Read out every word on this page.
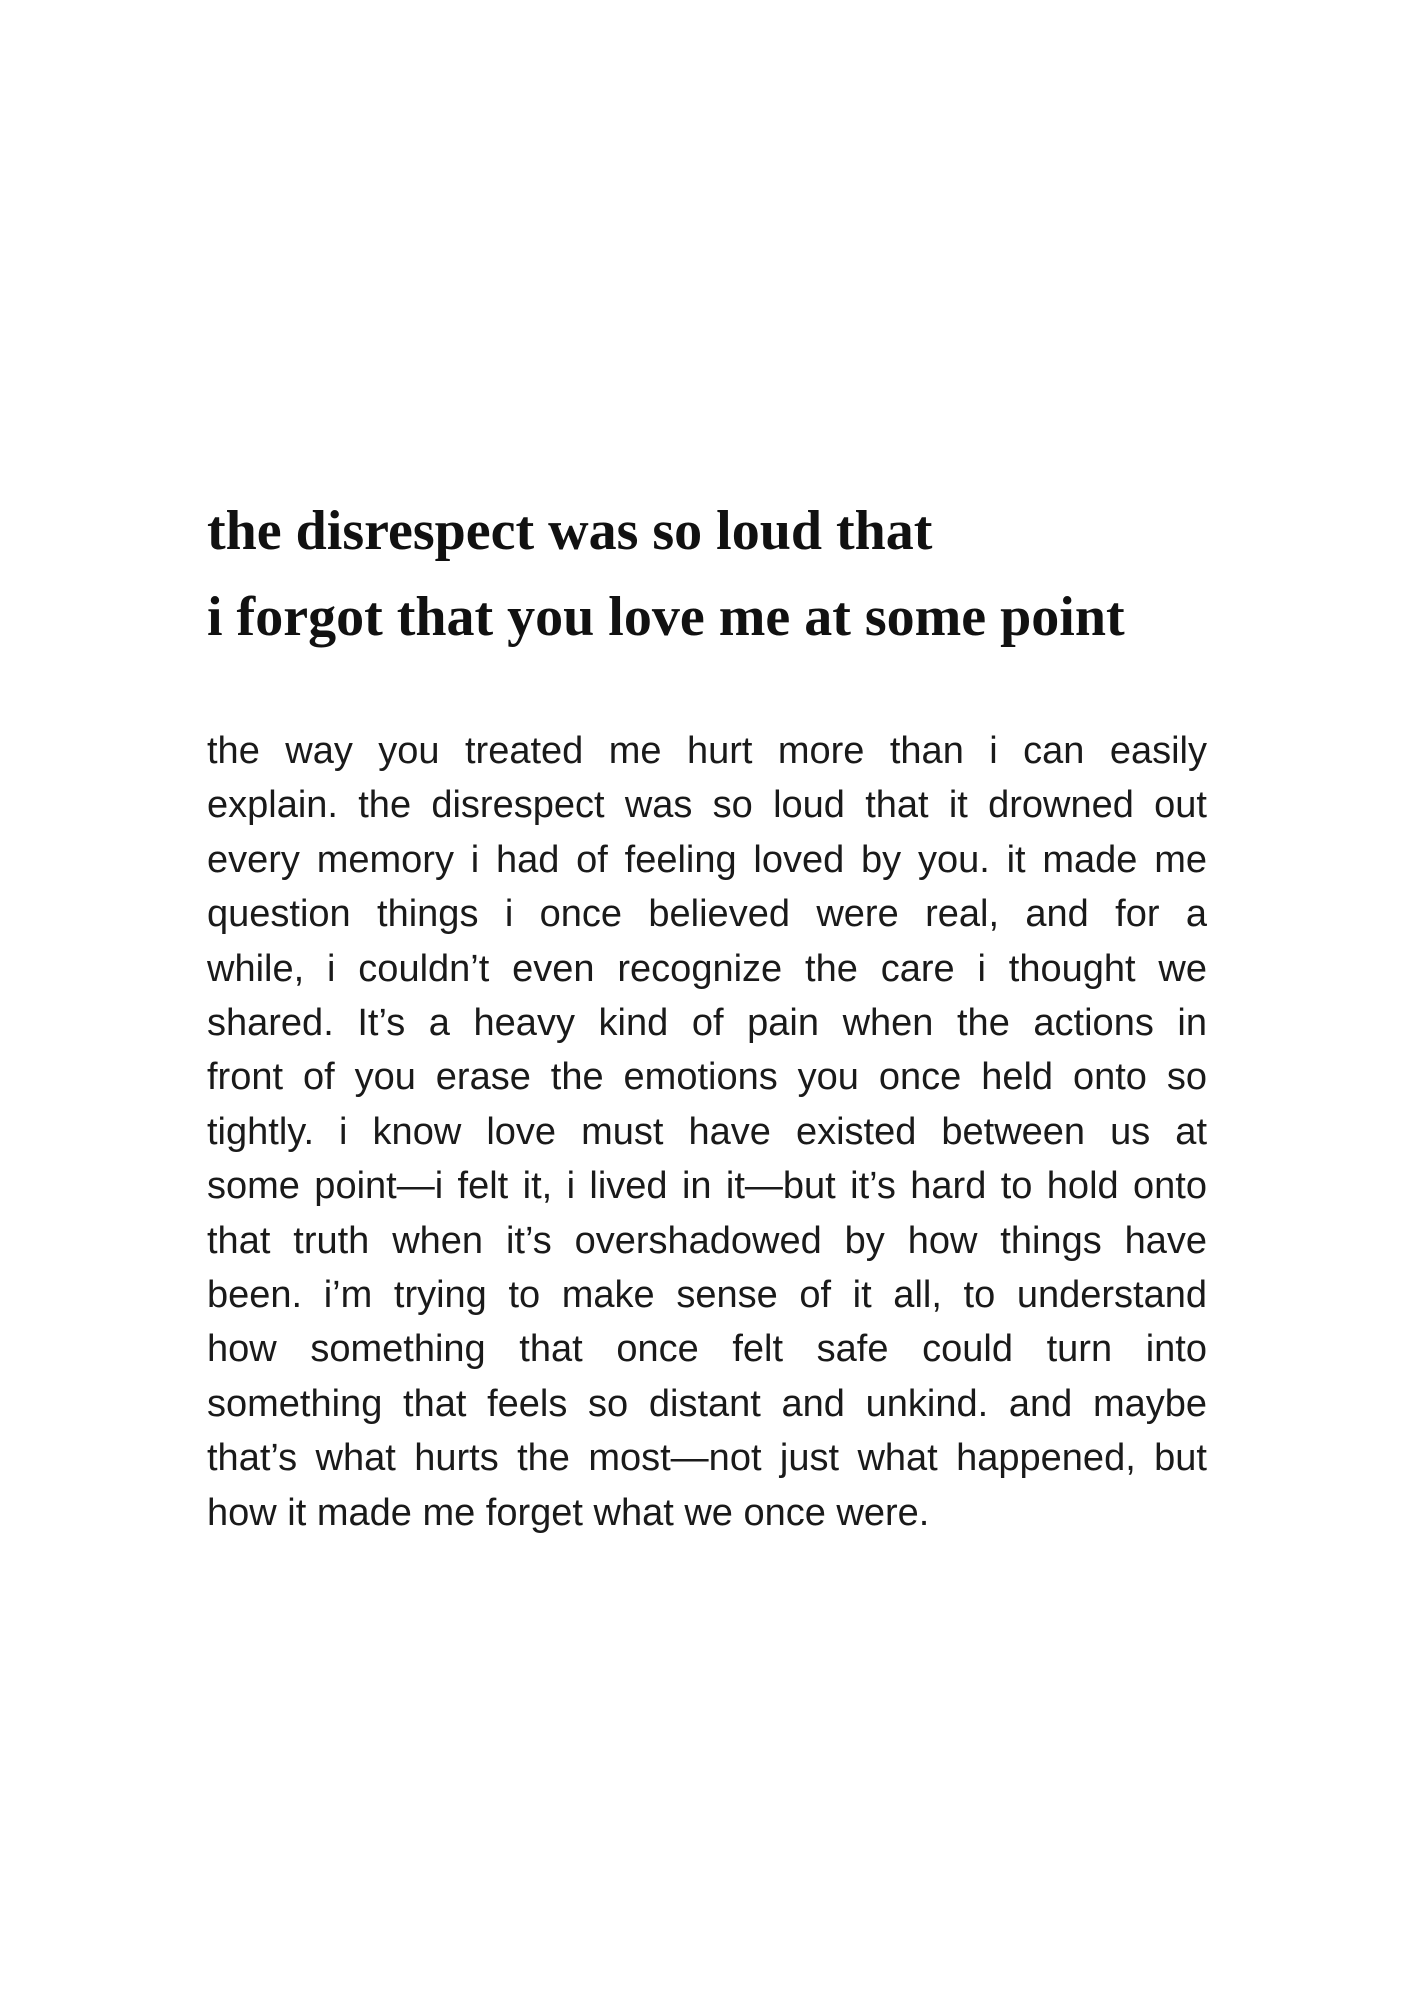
the disrespect was so loud that
i forgot that you love me at some point
the way you treated me hurt more than i can easily
explain. the disrespect was so loud that it drowned out
every memory i had of feeling loved by you. it made me
question things i once believed were real, and for a
while, i couldn’t even recognize the care i thought we
shared. It’s a heavy kind of pain when the actions in
front of you erase the emotions you once held onto so
tightly. i know love must have existed between us at
some point—i felt it, i lived in it—but it’s hard to hold onto
that truth when it’s overshadowed by how things have
been. i’m trying to make sense of it all, to understand
how something that once felt safe could turn into
something that feels so distant and unkind. and maybe
that’s what hurts the most—not just what happened, but
how it made me forget what we once were.
